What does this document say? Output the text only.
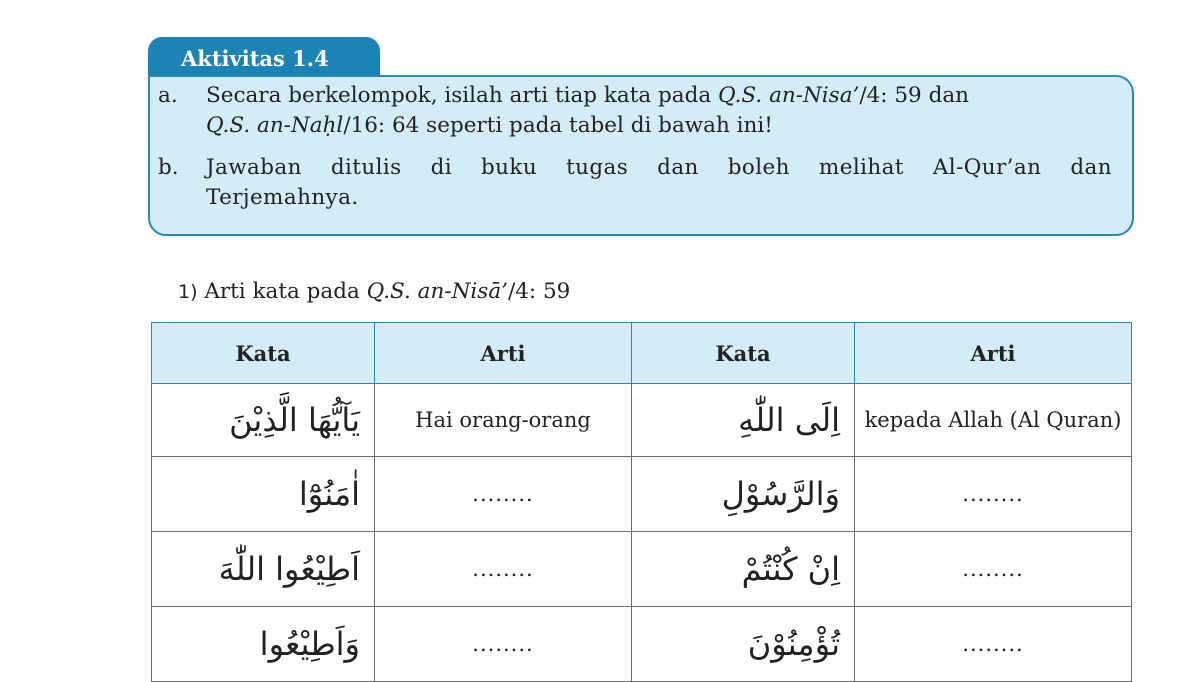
Aktivitas 1.4
a. Secara berkelompok, isilah arti tiap kata pada Q.S. an-Nisa’/4: 59 dan
Q.S. an-Naḥl/16: 64 seperti pada tabel di bawah ini!
b. Jawaban ditulis di buku tugas dan boleh melihat Al-Qur’an dan Terjemahnya.
1) Arti kata pada Q.S. an-Nisā’/4: 59
Kata	Arti	Kata	Arti
يَآيُّهَا الَّذِيْنَ	Hai orang-orang	اِلَى اللّٰهِ	kepada Allah (Al Quran)
اٰمَنُوْٓا	........	وَالرَّسُوْلِ	........
اَطِيْعُوا اللّٰهَ	........	اِنْ كُنْتُمْ	........
وَاَطِيْعُوا	........	تُؤْمِنُوْنَ	........
